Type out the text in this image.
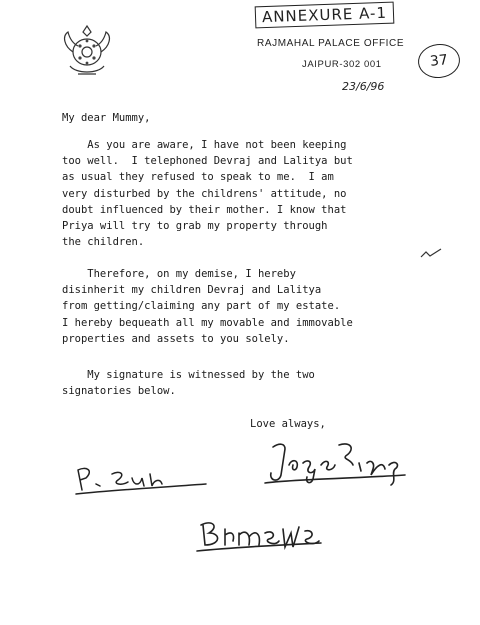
ANNEXURE A-1
RAJMAHAL PALACE OFFICE
JAIPUR-302 001	37
23/6/96
My dear Mummy,
As you are aware, I have not been keeping
too well.  I telephoned Devraj and Lalitya but
as usual they refused to speak to me.  I am
very disturbed by the childrens' attitude, no
doubt influenced by their mother. I know that
Priya will try to grab my property through
the children.
Therefore, on my demise, I hereby
disinherit my children Devraj and Lalitya
from getting/claiming any part of my estate.
I hereby bequeath all my movable and immovable
properties and assets to you solely.
My signature is witnessed by the two
signatories below.
Love always,
